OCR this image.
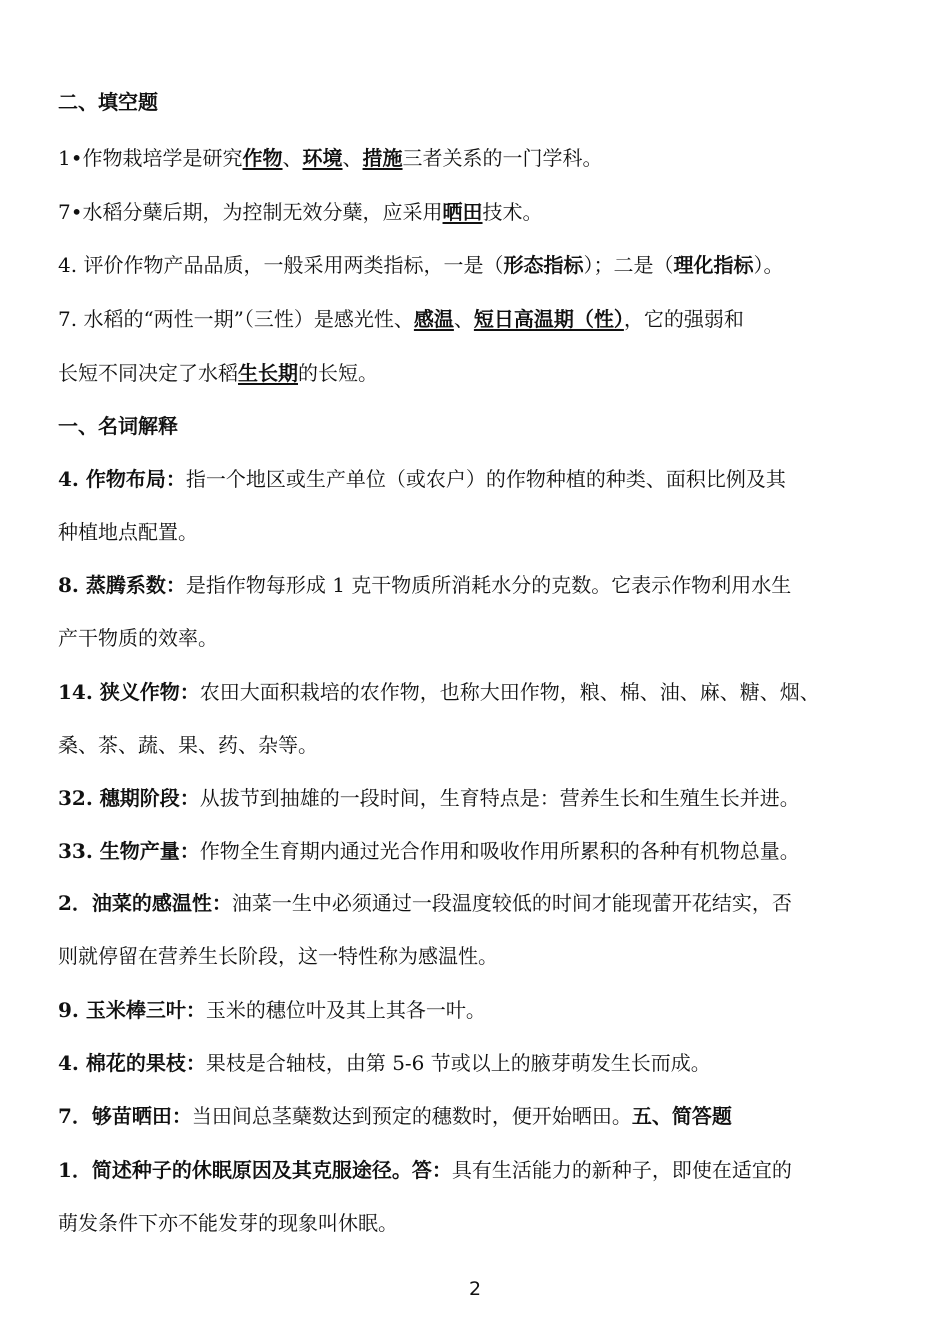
二、填空题
1•作物栽培学是研究作物、环境、措施三者关系的一门学科。
7•水稻分蘖后期，为控制无效分蘖，应采用晒田技术。
4. 评价作物产品品质，一般采用两类指标，一是（形态指标）；二是（理化指标）。
7. 水稻的“两性一期”（三性）是感光性、感温、短日高温期（性），它的强弱和
长短不同决定了水稻生长期的长短。
一、名词解释
4. 作物布局：指一个地区或生产单位（或农户）的作物种植的种类、面积比例及其
种植地点配置。
8. 蒸腾系数：是指作物每形成 1 克干物质所消耗水分的克数。它表示作物利用水生
产干物质的效率。
14. 狭义作物：农田大面积栽培的农作物，也称大田作物，粮、棉、油、麻、糖、烟、
桑、茶、蔬、果、药、杂等。
32. 穗期阶段：从拔节到抽雄的一段时间，生育特点是：营养生长和生殖生长并进。
33. 生物产量：作物全生育期内通过光合作用和吸收作用所累积的各种有机物总量。
2．油菜的感温性：油菜一生中必须通过一段温度较低的时间才能现蕾开花结实，否
则就停留在营养生长阶段，这一特性称为感温性。
9. 玉米棒三叶：玉米的穗位叶及其上其各一叶。
4. 棉花的果枝：果枝是合轴枝，由第 5-6 节或以上的腋芽萌发生长而成。
7．够苗晒田：当田间总茎蘖数达到预定的穗数时，便开始晒田。五、简答题
1．简述种子的休眠原因及其克服途径。答：具有生活能力的新种子，即使在适宜的
萌发条件下亦不能发芽的现象叫休眠。
2
